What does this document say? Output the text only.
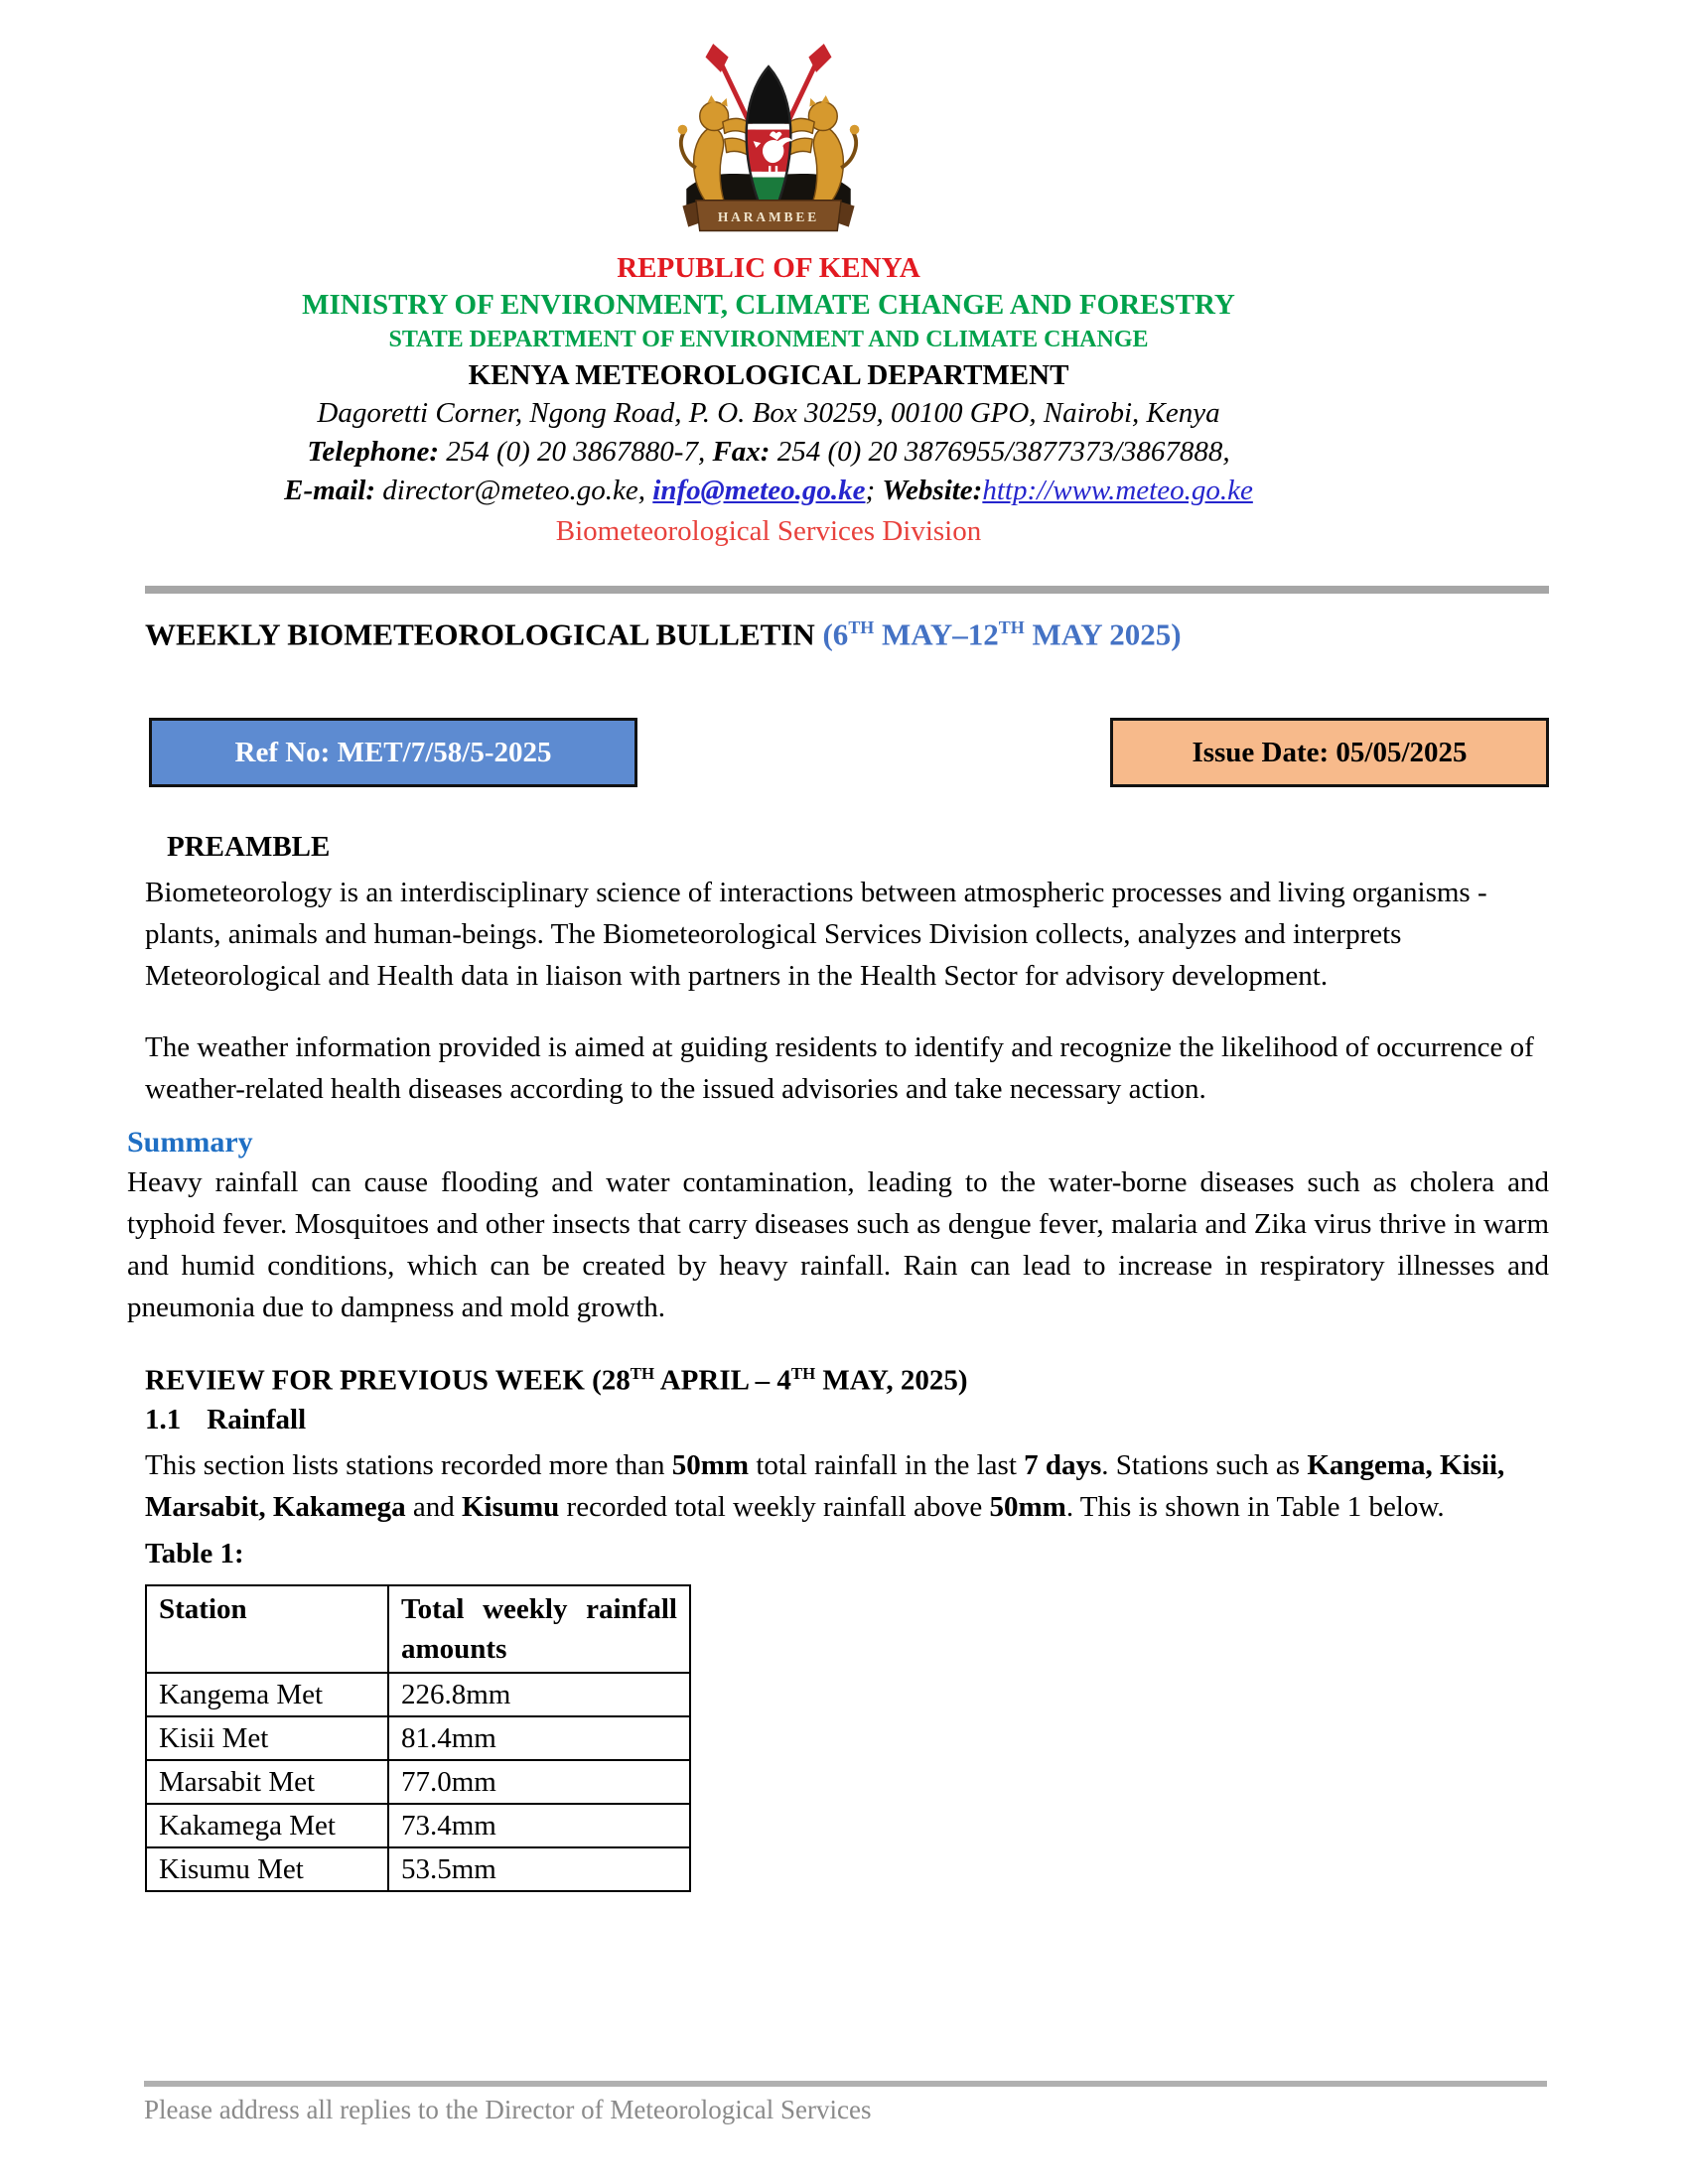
HARAMBEE
REPUBLIC OF KENYA
MINISTRY OF ENVIRONMENT, CLIMATE CHANGE AND FORESTRY
STATE DEPARTMENT OF ENVIRONMENT AND CLIMATE CHANGE
KENYA METEOROLOGICAL DEPARTMENT
Dagoretti Corner, Ngong Road, P. O. Box 30259, 00100 GPO, Nairobi, Kenya
Telephone: 254 (0) 20 3867880-7, Fax: 254 (0) 20 3876955/3877373/3867888,
E-mail: director@meteo.go.ke, info@meteo.go.ke; Website:http://www.meteo.go.ke
Biometeorological Services Division
WEEKLY BIOMETEOROLOGICAL BULLETIN (6TH MAY–12TH MAY 2025)
Ref No: MET/7/58/5-2025	Issue Date: 05/05/2025
PREAMBLE

Biometeorology is an interdisciplinary science of interactions between atmospheric processes and living organisms - plants, animals and human-beings. The Biometeorological Services Division collects, analyzes and interprets Meteorological and Health data in liaison with partners in the Health Sector for advisory development.

The weather information provided is aimed at guiding residents to identify and recognize the likelihood of occurrence of weather-related health diseases according to the issued advisories and take necessary action.

Summary

Heavy rainfall can cause flooding and water contamination, leading to the water-borne diseases such as cholera and typhoid fever. Mosquitoes and other insects that carry diseases such as dengue fever, malaria and Zika virus thrive in warm and humid conditions, which can be created by heavy rainfall. Rain can lead to increase in respiratory illnesses and pneumonia due to dampness and mold growth.

REVIEW FOR PREVIOUS WEEK (28TH APRIL – 4TH MAY, 2025)
1.1 Rainfall

This section lists stations recorded more than 50mm total rainfall in the last 7 days. Stations such as Kangema, Kisii, Marsabit, Kakamega and Kisumu recorded total weekly rainfall above 50mm. This is shown in Table 1 below.

Table 1:
Station	Total weekly rainfall amounts
Kangema Met	226.8mm
Kisii Met	81.4mm
Marsabit Met	77.0mm
Kakamega Met	73.4mm
Kisumu Met	53.5mm
Please address all replies to the Director of Meteorological Services
